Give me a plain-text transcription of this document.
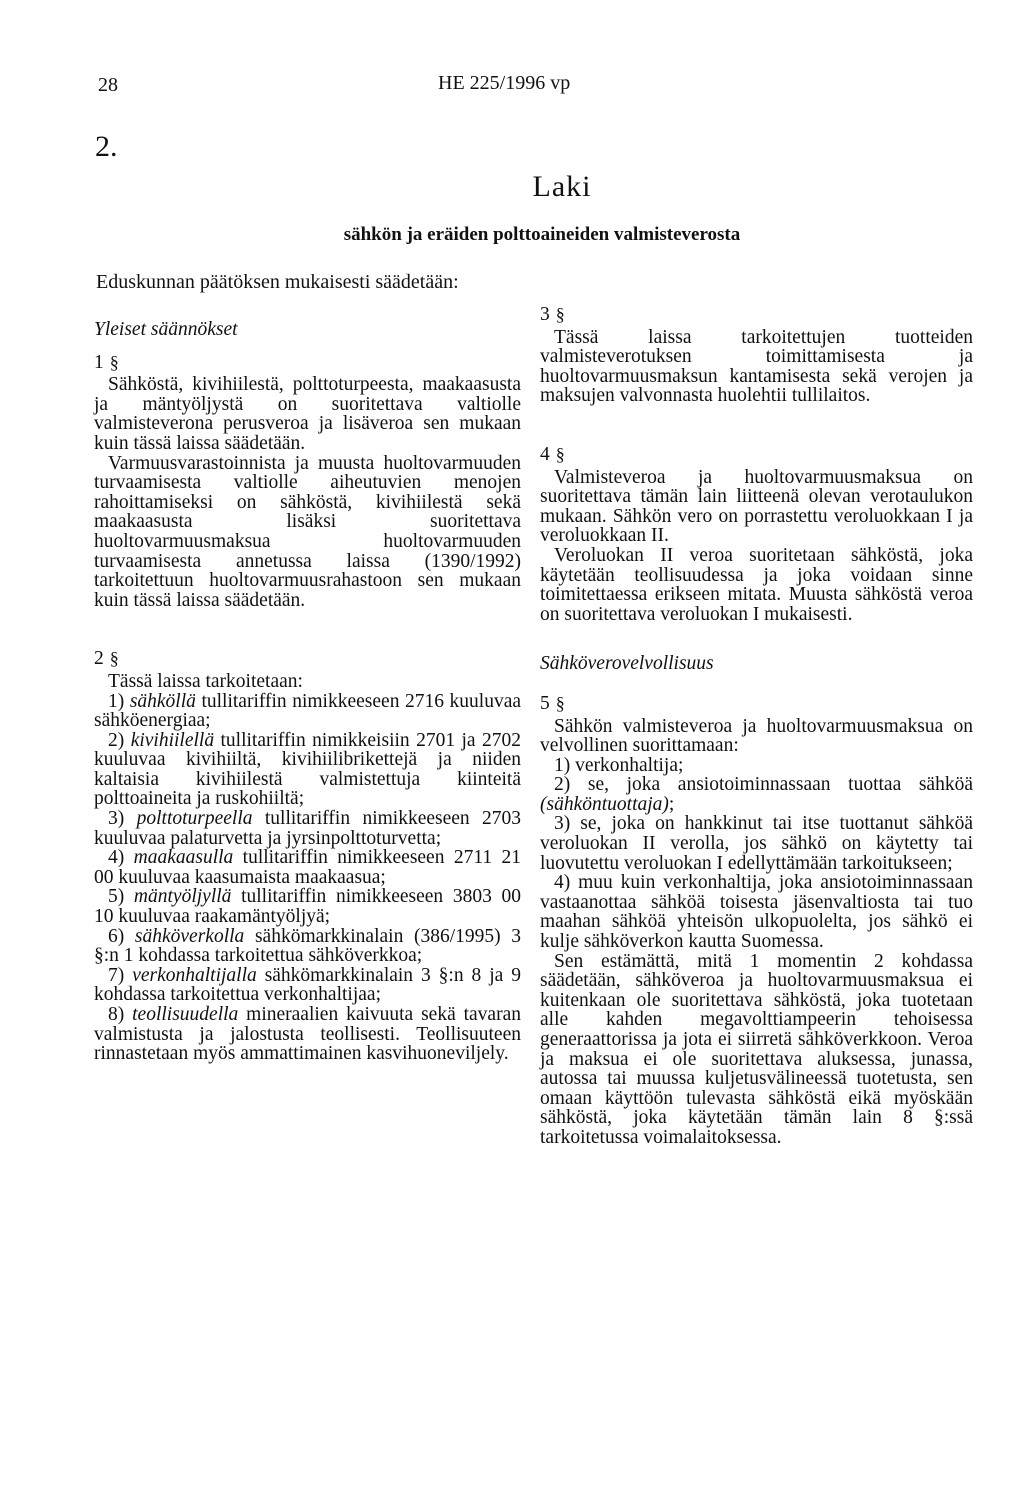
28	HE 225/1996 vp
2.
Laki
sähkön ja eräiden polttoaineiden valmisteverosta
Eduskunnan päätöksen mukaisesti säädetään:

Yleiset säännökset

1 §

Sähköstä, kivihiilestä, polttoturpeesta, maakaasusta ja mäntyöljystä on suoritettava valtiolle valmisteverona perusveroa ja lisäveroa sen mukaan kuin tässä laissa säädetään.

Varmuusvarastoinnista ja muusta huoltovarmuuden turvaamisesta valtiolle aiheutuvien menojen rahoittamiseksi on sähköstä, kivihiilestä sekä maakaasusta lisäksi suoritettava huoltovarmuusmaksua huoltovarmuuden turvaamisesta annetussa laissa (1390/1992) tarkoitettuun huoltovarmuusrahastoon sen mukaan kuin tässä laissa säädetään.

2 §

Tässä laissa tarkoitetaan:

1) sähköllä tullitariffin nimikkeeseen 2716 kuuluvaa sähköenergiaa;

2) kivihiilellä tullitariffin nimikkeisiin 2701 ja 2702 kuuluvaa kivihiiltä, kivihiilibrikettejä ja niiden kaltaisia kivihiilestä valmistettuja kiinteitä polttoaineita ja ruskohiiltä;

3) polttoturpeella tullitariffin nimikkeeseen 2703 kuuluvaa palaturvetta ja jyrsinpolttoturvetta;

4) maakaasulla tullitariffin nimikkeeseen 2711 21 00 kuuluvaa kaasumaista maakaasua;

5) mäntyöljyllä tullitariffin nimikkeeseen 3803 00 10 kuuluvaa raakamäntyöljyä;

6) sähköverkolla sähkömarkkinalain (386/1995) 3 §:n 1 kohdassa tarkoitettua sähköverkkoa;

7) verkonhaltijalla sähkömarkkinalain 3 §:n 8 ja 9 kohdassa tarkoitettua verkonhaltijaa;

8) teollisuudella mineraalien kaivuuta sekä tavaran valmistusta ja jalostusta teollisesti. Teollisuuteen rinnastetaan myös ammattimainen kasvihuoneviljely.

3 §

Tässä laissa tarkoitettujen tuotteiden valmisteverotuksen toimittamisesta ja huoltovarmuusmaksun kantamisesta sekä verojen ja maksujen valvonnasta huolehtii tullilaitos.

4 §

Valmisteveroa ja huoltovarmuusmaksua on suoritettava tämän lain liitteenä olevan verotaulukon mukaan. Sähkön vero on porrastettu veroluokkaan I ja veroluokkaan II.

Veroluokan II veroa suoritetaan sähköstä, joka käytetään teollisuudessa ja joka voidaan sinne toimitettaessa erikseen mitata. Muusta sähköstä veroa on suoritettava veroluokan I mukaisesti.

Sähköverovelvollisuus

5 §

Sähkön valmisteveroa ja huoltovarmuusmaksua on velvollinen suorittamaan:

1) verkonhaltija;

2) se, joka ansiotoiminnassaan tuottaa sähköä (sähköntuottaja);

3) se, joka on hankkinut tai itse tuottanut sähköä veroluokan II verolla, jos sähkö on käytetty tai luovutettu veroluokan I edellyttämään tarkoitukseen;

4) muu kuin verkonhaltija, joka ansiotoiminnassaan vastaanottaa sähköä toisesta jäsenvaltiosta tai tuo maahan sähköä yhteisön ulkopuolelta, jos sähkö ei kulje sähköverkon kautta Suomessa.

Sen estämättä, mitä 1 momentin 2 kohdassa säädetään, sähköveroa ja huoltovarmuusmaksua ei kuitenkaan ole suoritettava sähköstä, joka tuotetaan alle kahden megavolttiampeerin tehoisessa generaattorissa ja jota ei siirretä sähköverkkoon. Veroa ja maksua ei ole suoritettava aluksessa, junassa, autossa tai muussa kuljetusvälineessä tuotetusta, sen omaan käyttöön tulevasta sähköstä eikä myöskään sähköstä, joka käytetään tämän lain 8 §:ssä tarkoitetussa voimalaitoksessa.
